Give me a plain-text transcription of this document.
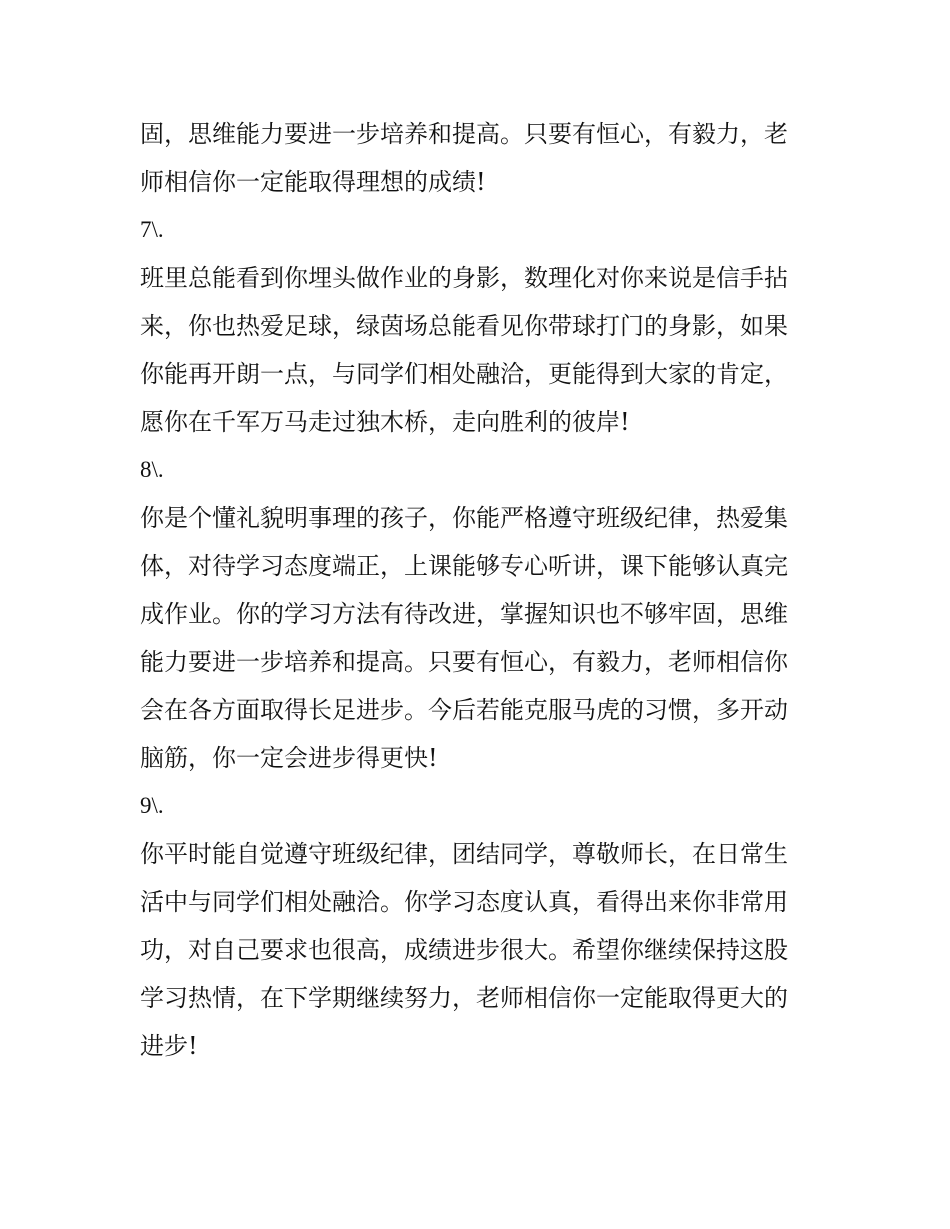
固，思维能力要进一步培养和提高。只要有恒心，有毅力，老
师相信你一定能取得理想的成绩!
7\.
班里总能看到你埋头做作业的身影，数理化对你来说是信手拈
来，你也热爱足球，绿茵场总能看见你带球打门的身影，如果
你能再开朗一点，与同学们相处融洽，更能得到大家的肯定，
愿你在千军万马走过独木桥，走向胜利的彼岸!
8\.
你是个懂礼貌明事理的孩子，你能严格遵守班级纪律，热爱集
体，对待学习态度端正，上课能够专心听讲，课下能够认真完
成作业。你的学习方法有待改进，掌握知识也不够牢固，思维
能力要进一步培养和提高。只要有恒心，有毅力，老师相信你
会在各方面取得长足进步。今后若能克服马虎的习惯，多开动
脑筋，你一定会进步得更快!
9\.
你平时能自觉遵守班级纪律，团结同学，尊敬师长，在日常生
活中与同学们相处融洽。你学习态度认真，看得出来你非常用
功，对自己要求也很高，成绩进步很大。希望你继续保持这股
学习热情，在下学期继续努力，老师相信你一定能取得更大的
进步!
